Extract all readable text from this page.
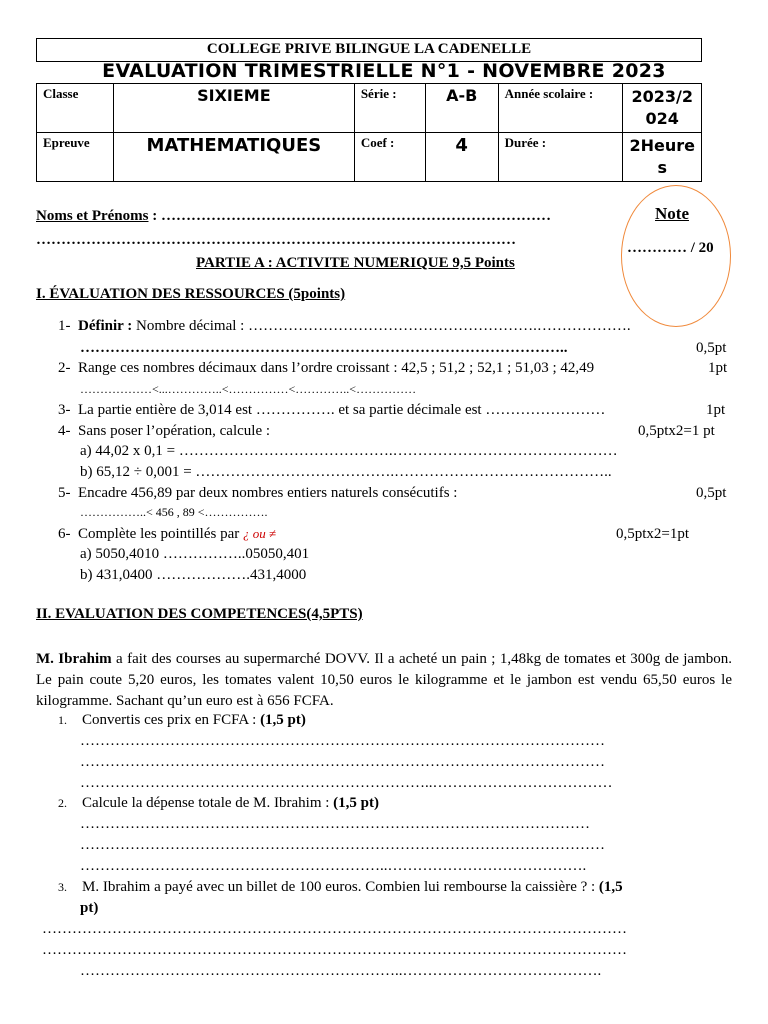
COLLEGE PRIVE BILINGUE LA CADENELLE
EVALUATION TRIMESTRIELLE N°1 - NOVEMBRE 2023
Classe	SIXIEME	Série :	A-B	Année scolaire :	2023/2
024
Epreuve	MATHEMATIQUES	Coef :	4	Durée :	2Heure
s
Noms et Prénoms : ……………………………………………………………………
……………………………………………………………………………………
Note
………… / 20
PARTIE A : ACTIVITE NUMERIQUE 9,5 Points
I. ÉVALUATION DES RESSOURCES (5points)
1- Définir : Nombre décimal : ………………………………………………….……………….
……………………………………………………………………………………..	0,5pt
2- Range ces nombres décimaux dans l’ordre croissant : 42,5 ; 51,2 ; 52,1 ; 51,03 ; 42,49	1pt
………………<...…………..<……………<…………..<……………
3- La partie entière de 3,014 est ……………. et sa partie décimale est ……………………	1pt
4- Sans poser l’opération, calcule :	0,5ptx2=1 pt
a) 44,02 x 0,1 = …………………………………….………………………………………
b) 65,12 ÷ 0,001 = ………………………………….……………………………………..
5- Encadre 456,89 par deux nombres entiers naturels consécutifs :	0,5pt
……………..< 456 , 89 <…………….
6- Complète les pointillés par ¿ ou ≠	0,5ptx2=1pt
a) 5050,4010 ……………..05050,401
b) 431,0400 ……………….431,4000
II. EVALUATION DES COMPETENCES(4,5PTS)
M. Ibrahim a fait des courses au supermarché DOVV. Il a acheté un pain ; 1,48kg de tomates et 300g de jambon. Le pain coute 5,20 euros, les tomates valent 10,50 euros le kilogramme et le jambon est vendu 65,50 euros le kilogramme. Sachant qu’un euro est à 656 FCFA.
1. Convertis ces prix en FCFA : (1,5 pt)
……………………………………………………………………………………………
……………………………………………………………………………………………
……………………………………………………………..………………………………
2. Calcule la dépense totale de M. Ibrahim : (1,5 pt)
…………………………………………………………………………………………
……………………………………………………………………………………………
……………………………………………………..………………………………….
3. M. Ibrahim a payé avec un billet de 100 euros. Combien lui rembourse la caissière ? : (1,5
pt)
………………………………………………………………………………………………………
………………………………………………………………………………………………………
………………………………………………………..………………………………….
